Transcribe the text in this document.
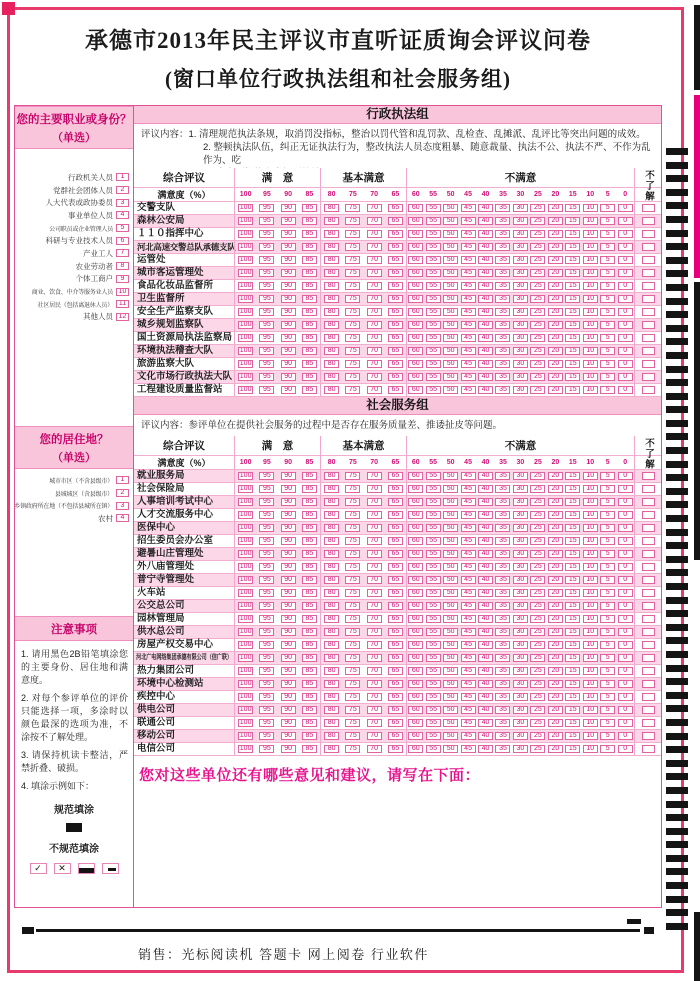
承德市2013年民主评议市直听证质询会评议问卷
(窗口单位行政执法组和社会服务组)
您的主要职业或身份？
（单选）
行政机关人员	1
党群社会团体人员	2
人大代表或政协委员	3
事业单位人员	4
公司职员或企业管理人员	5
科研与专业技术人员	6
产业工人	7
农业劳动者	8
个体工商户	9
商业、饮食、中介等服务业人员 10
社区居民（包括离退休人员） 11
其他人员 12
您的居住地？
（单选）
城市市区（不含县级市）	1
县城城区（含县级市）	2
乡镇政府所在地（不包括县城所在镇）	3
农村	4
注意事项
1. 请用黑色2B铅笔填涂您的主要身份、居住地和满意度。
2. 对每个参评单位的评价只能选择一项，多涂时以颜色最深的选项为准，不涂按不了解处理。
3. 请保持机读卡整洁，严禁折叠、破损。
4. 填涂示例如下：
规范填涂
不规范填涂
✓	✕
行政执法组
评议内容：1. 清理规范执法条规，取消罚没指标，整治以罚代管和乱罚款、乱检查、乱摊派、乱评比等突出问题的成效。
2. 整顿执法队伍，纠正无证执法行为，整改执法人员态度粗暴、随意裁量、执法不公、执法不严、不作为乱作为、吃
综合评议	满　意	基本满意	不满意	不了解
满意度（%）	100	95	90	85	80	75	70	65	60	55	50	45	40	35	30	25	20	15	10	5	0
交警支队	100	95	90	85	80	75	70	65	60	55	50	45	40	35	30	25	20	15	10	5	0
森林公安局	100	95	90	85	80	75	70	65	60	55	50	45	40	35	30	25	20	15	10	5	0
１１０指挥中心	100	95	90	85	80	75	70	65	60	55	50	45	40	35	30	25	20	15	10	5	0
河北高速交警总队承德支队 100	95	90	85	80	75	70	65	60	55	50	45	40	35	30	25	20	15	10	5	0
运管处	100	95	90	85	80	75	70	65	60	55	50	45	40	35	30	25	20	15	10	5	0
城市客运管理处	100	95	90	85	80	75	70	65	60	55	50	45	40	35	30	25	20	15	10	5	0
食品化妆品监督所	100	95	90	85	80	75	70	65	60	55	50	45	40	35	30	25	20	15	10	5	0
卫生监督所	100	95	90	85	80	75	70	65	60	55	50	45	40	35	30	25	20	15	10	5	0
安全生产监察支队	100	95	90	85	80	75	70	65	60	55	50	45	40	35	30	25	20	15	10	5	0
城乡规划监察队	100	95	90	85	80	75	70	65	60	55	50	45	40	35	30	25	20	15	10	5	0
国土资源局执法监察局 100	95	90	85	80	75	70	65	60	55	50	45	40	35	30	25	20	15	10	5	0
环境执法稽查大队	100	95	90	85	80	75	70	65	60	55	50	45	40	35	30	25	20	15	10	5	0
旅游监察大队	100	95	90	85	80	75	70	65	60	55	50	45	40	35	30	25	20	15	10	5	0
文化市场行政执法大队 100	95	90	85	80	75	70	65	60	55	50	45	40	35	30	25	20	15	10	5	0
工程建设质量监督站	100	95	90	85	80	75	70	65	60	55	50	45	40	35	30	25	20	15	10	5	0
社会服务组
评议内容：参评单位在提供社会服务的过程中是否存在服务质量差、推诿扯皮等问题。
综合评议	满　意	基本满意	不满意	不了解
满意度（%）	100	95	90	85	80	75	70	65	60	55	50	45	40	35	30	25	20	15	10	5	0
就业服务局	100	95	90	85	80	75	70	65	60	55	50	45	40	35	30	25	20	15	10	5	0
社会保险局	100	95	90	85	80	75	70	65	60	55	50	45	40	35	30	25	20	15	10	5	0
人事培训考试中心	100	95	90	85	80	75	70	65	60	55	50	45	40	35	30	25	20	15	10	5	0
人才交流服务中心	100	95	90	85	80	75	70	65	60	55	50	45	40	35	30	25	20	15	10	5	0
医保中心	100	95	90	85	80	75	70	65	60	55	50	45	40	35	30	25	20	15	10	5	0
招生委员会办公室	100	95	90	85	80	75	70	65	60	55	50	45	40	35	30	25	20	15	10	5	0
避暑山庄管理处	100	95	90	85	80	75	70	65	60	55	50	45	40	35	30	25	20	15	10	5	0
外八庙管理处	100	95	90	85	80	75	70	65	60	55	50	45	40	35	30	25	20	15	10	5	0
普宁寺管理处	100	95	90	85	80	75	70	65	60	55	50	45	40	35	30	25	20	15	10	5	0
火车站	100	95	90	85	80	75	70	65	60	55	50	45	40	35	30	25	20	15	10	5	0
公交总公司	100	95	90	85	80	75	70	65	60	55	50	45	40	35	30	25	20	15	10	5	0
园林管理局	100	95	90	85	80	75	70	65	60	55	50	45	40	35	30	25	20	15	10	5	0
供水总公司	100	95	90	85	80	75	70	65	60	55	50	45	40	35	30	25	20	15	10	5	0
房屋产权交易中心	100	95	90	85	80	75	70	65	60	55	50	45	40	35	30	25	20	15	10	5	0
河北广电网络集团承德有限公司（信广联） 100	95	90	85	80	75	70	65	60	55	50	45	40	35	30	25	20	15	10	5	0
热力集团公司	100	95	90	85	80	75	70	65	60	55	50	45	40	35	30	25	20	15	10	5	0
环境中心检测站	100	95	90	85	80	75	70	65	60	55	50	45	40	35	30	25	20	15	10	5	0
疾控中心	100	95	90	85	80	75	70	65	60	55	50	45	40	35	30	25	20	15	10	5	0
供电公司	100	95	90	85	80	75	70	65	60	55	50	45	40	35	30	25	20	15	10	5	0
联通公司	100	95	90	85	80	75	70	65	60	55	50	45	40	35	30	25	20	15	10	5	0
移动公司	100	95	90	85	80	75	70	65	60	55	50	45	40	35	30	25	20	15	10	5	0
电信公司	100	95	90	85	80	75	70	65	60	55	50	45	40	35	30	25	20	15	10	5	0
您对这些单位还有哪些意见和建议，请写在下面：
销售：光标阅读机 答题卡 网上阅卷 行业软件
